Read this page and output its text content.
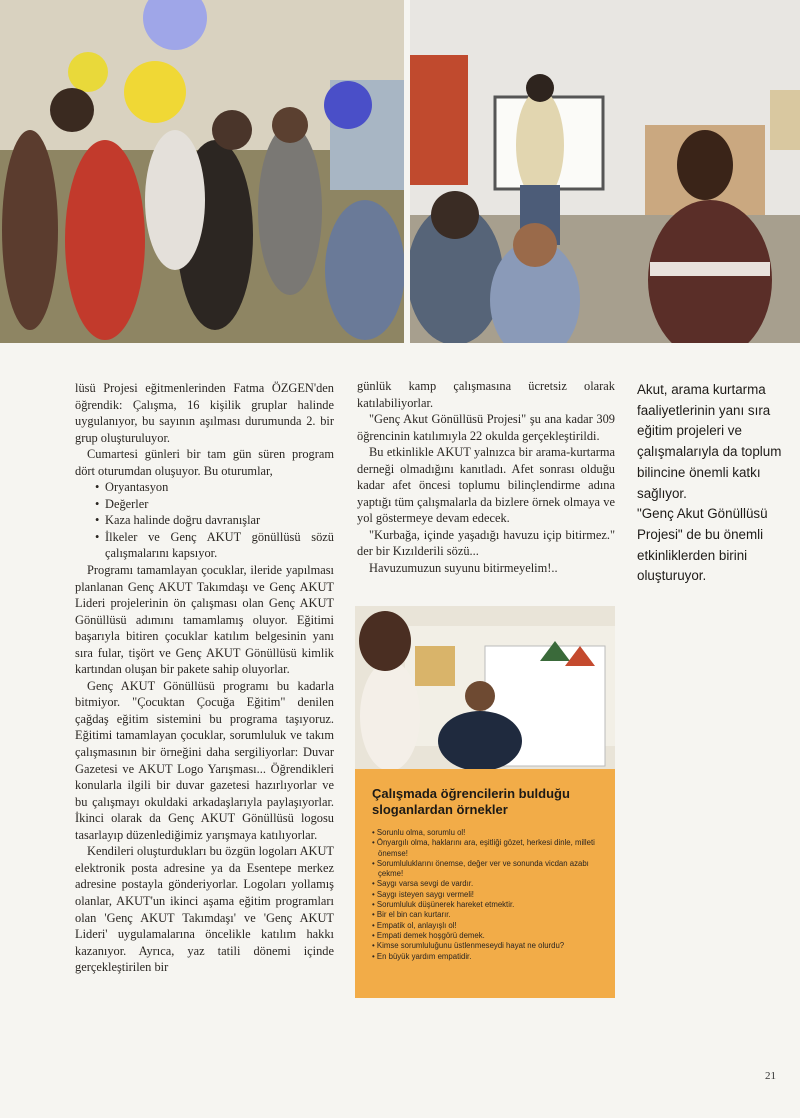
lüsü Projesi eğitmenlerinden Fatma ÖZGEN'den öğrendik: Çalışma, 16 kişilik gruplar halinde uygulanıyor, bu sayının aşılması durumunda 2. bir grup oluşturuluyor.

Cumartesi günleri bir tam gün süren program dört oturumdan oluşuyor. Bu oturumlar,

• Oryantasyon
• Değerler
• Kaza halinde doğru davranışlar
• İlkeler ve Genç AKUT gönüllüsü sözü çalışmalarını kapsıyor.

Programı tamamlayan çocuklar, ileride yapılması planlanan Genç AKUT Takımdaşı ve Genç AKUT Lideri projelerinin ön çalışması olan Genç AKUT Gönüllüsü adımını tamamlamış oluyor. Eğitimi başarıyla bitiren çocuklar katılım belgesinin yanı sıra fular, tişört ve Genç AKUT Gönüllüsü kimlik kartından oluşan bir pakete sahip oluyorlar.

Genç AKUT Gönüllüsü programı bu kadarla bitmiyor. "Çocuktan Çocuğa Eğitim" denilen çağdaş eğitim sistemini bu programa taşıyoruz. Eğitimi tamamlayan çocuklar, sorumluluk ve takım çalışmasının bir örneğini daha sergiliyorlar: Duvar Gazetesi ve AKUT Logo Yarışması... Öğrendikleri konularla ilgili bir duvar gazetesi hazırlıyorlar ve bu çalışmayı okuldaki arkadaşlarıyla paylaşıyorlar. İkinci olarak da Genç AKUT Gönüllüsü logosu tasarlayıp düzenlediğimiz yarışmaya katılıyorlar.

Kendileri oluşturdukları bu özgün logoları AKUT elektronik posta adresine ya da Esentepe merkez adresine postayla gönderiyorlar. Logoları yollamış olanlar, AKUT'un ikinci aşama eğitim programları olan 'Genç AKUT Takımdaşı' ve 'Genç AKUT Lideri' uygulamalarına öncelikle katılım hakkı kazanıyor. Ayrıca, yaz tatili dönemi içinde gerçekleştirilen bir

günlük kamp çalışmasına ücretsiz olarak katılabiliyorlar.

"Genç Akut Gönüllüsü Projesi" şu ana kadar 309 öğrencinin katılımıyla 22 okulda gerçekleştirildi.

Bu etkinlikle AKUT yalnızca bir arama-kurtarma derneği olmadığını kanıtladı. Afet sonrası olduğu kadar afet öncesi toplumu bilinçlendirme adına yaptığı tüm çalışmalarla da bizlere örnek olmaya ve yol göstermeye devam edecek.

"Kurbağa, içinde yaşadığı havuzu içip bitirmez." der bir Kızılderili sözü...

Havuzumuzun suyunu bitirmeyelim!..

Akut, arama kurtarma faaliyetlerinin yanı sıra eğitim projeleri ve çalışmalarıyla da toplum bilincine önemli katkı sağlıyor.

"Genç Akut Gönüllüsü Projesi" de bu önemli etkinliklerden birini oluşturuyor.

Çalışmada öğrencilerin bulduğu sloganlardan örnekler
• Sorunlu olma, sorumlu ol!
• Önyargılı olma, haklarını ara, eşitliği gözet, herkesi dinle, milleti önemse!
• Sorumluluklarını önemse, değer ver ve sonunda vicdan azabı çekme!
• Saygı varsa sevgi de vardır.
• Saygı isteyen saygı vermeli!
• Sorumluluk düşünerek hareket etmektir.
• Bir el bin can kurtarır.
• Empatik ol, anlayışlı ol!
• Empati demek hoşgörü demek.
• Kimse sorumluluğunu üstlenmeseydi hayat ne olurdu?
• En büyük yardım empatidir.
21
